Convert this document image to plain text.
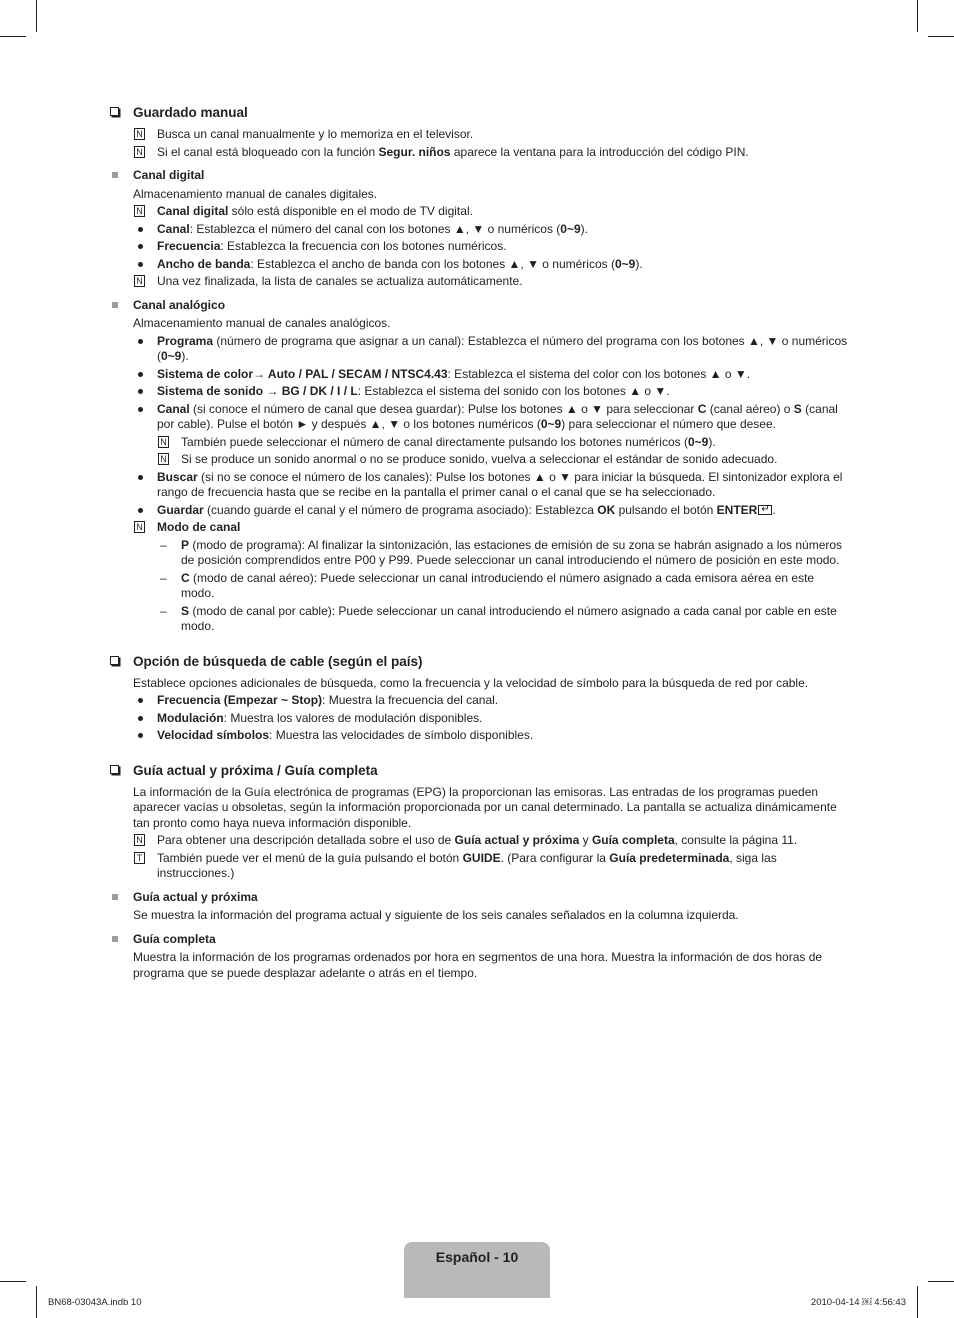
Guardado manual
N Busca un canal manualmente y lo memoriza en el televisor.
N Si el canal está bloqueado con la función Segur. niños aparece la ventana para la introducción del código PIN.
Canal digital
Almacenamiento manual de canales digitales.
N Canal digital sólo está disponible en el modo de TV digital.
Canal: Establezca el número del canal con los botones ▲, ▼ o numéricos (0~9).
Frecuencia: Establezca la frecuencia con los botones numéricos.
Ancho de banda: Establezca el ancho de banda con los botones ▲, ▼ o numéricos (0~9).
N Una vez finalizada, la lista de canales se actualiza automáticamente.
Canal analógico
Almacenamiento manual de canales analógicos.
Programa (número de programa que asignar a un canal): Establezca el número del programa con los botones ▲, ▼ o numéricos (0~9).
Sistema de color→ Auto / PAL / SECAM / NTSC4.43: Establezca el sistema del color con los botones ▲ o ▼.
Sistema de sonido → BG / DK / I / L: Establezca el sistema del sonido con los botones ▲ o ▼.
Canal (si conoce el número de canal que desea guardar): Pulse los botones ▲ o ▼ para seleccionar C (canal aéreo) o S (canal por cable). Pulse el botón ► y después ▲, ▼ o los botones numéricos (0~9) para seleccionar el número que desee.
N También puede seleccionar el número de canal directamente pulsando los botones numéricos (0~9).
N Si se produce un sonido anormal o no se produce sonido, vuelva a seleccionar el estándar de sonido adecuado.
Buscar (si no se conoce el número de los canales): Pulse los botones ▲ o ▼ para iniciar la búsqueda. El sintonizador explora el rango de frecuencia hasta que se recibe en la pantalla el primer canal o el canal que se ha seleccionado.
Guardar (cuando guarde el canal y el número de programa asociado): Establezca OK pulsando el botón ENTER↵ .
N Modo de canal
– P (modo de programa): Al finalizar la sintonización, las estaciones de emisión de su zona se habrán asignado a los números de posición comprendidos entre P00 y P99. Puede seleccionar un canal introduciendo el número de posición en este modo.
– C (modo de canal aéreo): Puede seleccionar un canal introduciendo el número asignado a cada emisora aérea en este modo.
– S (modo de canal por cable): Puede seleccionar un canal introduciendo el número asignado a cada canal por cable en este modo.
Opción de búsqueda de cable (según el país)
Establece opciones adicionales de búsqueda, como la frecuencia y la velocidad de símbolo para la búsqueda de red por cable.
Frecuencia (Empezar ~ Stop): Muestra la frecuencia del canal.
Modulación: Muestra los valores de modulación disponibles.
Velocidad símbolos: Muestra las velocidades de símbolo disponibles.
Guía actual y próxima / Guía completa
La información de la Guía electrónica de programas (EPG) la proporcionan las emisoras. Las entradas de los programas pueden aparecer vacías u obsoletas, según la información proporcionada por un canal determinado. La pantalla se actualiza dinámicamente tan pronto como haya nueva información disponible.
N Para obtener una descripción detallada sobre el uso de Guía actual y próxima y Guía completa, consulte la página 11.
T También puede ver el menú de la guía pulsando el botón GUIDE. (Para configurar la Guía predeterminada, siga las instrucciones.)
Guía actual y próxima
Se muestra la información del programa actual y siguiente de los seis canales señalados en la columna izquierda.
Guía completa
Muestra la información de los programas ordenados por hora en segmentos de una hora. Muestra la información de dos horas de programa que se puede desplazar adelante o atrás en el tiempo.
Español - 10
BN68-03043A.indb 10	2010-04-14 ￼ 4:56:43
